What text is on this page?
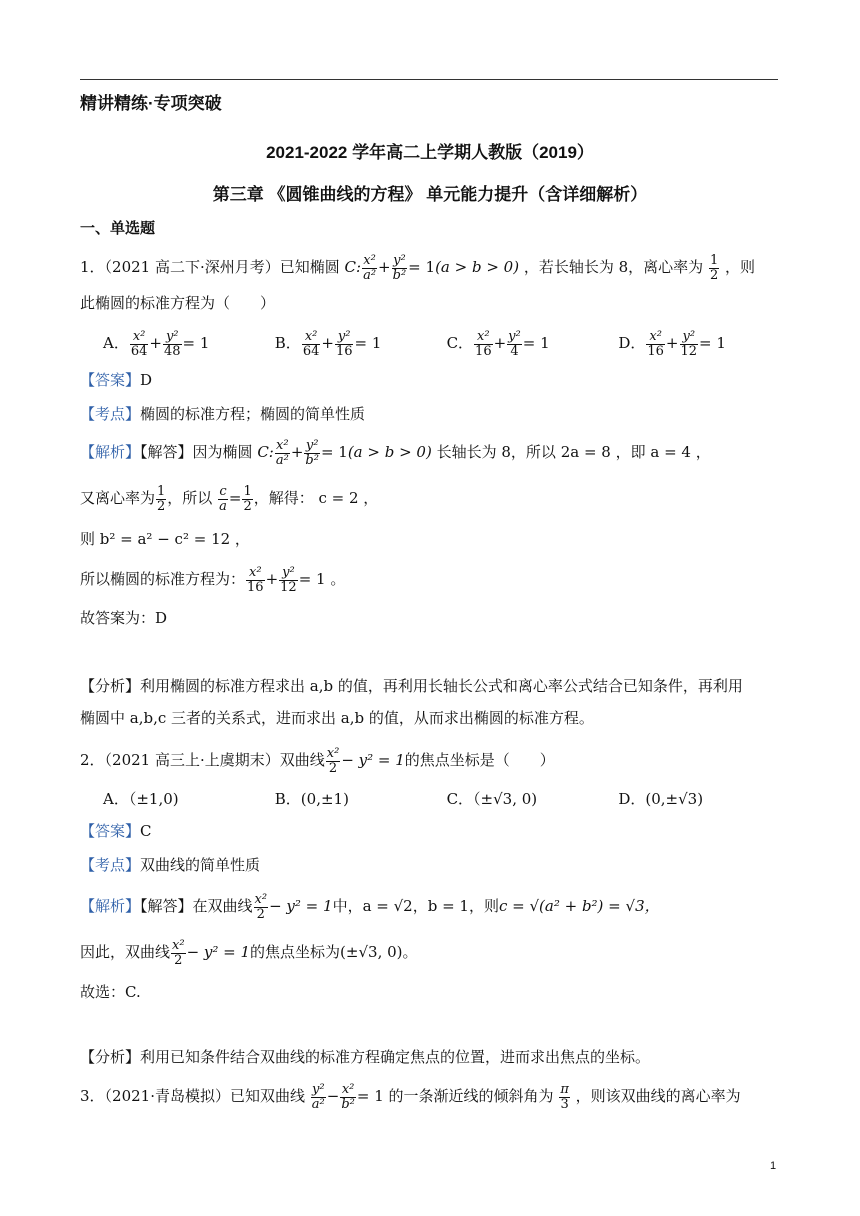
精讲精练·专项突破
2021-2022 学年高二上学期人教版（2019）
第三章 《圆锥曲线的方程》 单元能力提升（含详细解析）
一、单选题
1．（2021 高二下·深州月考）已知椭圆 C: $\frac{\text{x²}}{\text{a²}} + \frac{\text{y²}}{\text{b²}} = 1(a > b > 0)$ ，若长轴长为 8，离心率为 $\frac{1}{2}$ ，则
此椭圆的标准方程为（　　）
A． $\frac{\text{x²}}{64} + \frac{\text{y²}}{48} = 1$	B． $\frac{\text{x²}}{64} + \frac{\text{y²}}{16} = 1$	C． $\frac{\text{x²}}{16} + \frac{\text{y²}}{4} = 1$	D． $\frac{\text{x²}}{16} + \frac{\text{y²}}{12} = 1$
【答案】D
【考点】椭圆的标准方程；椭圆的简单性质
【解析】【解答】因为椭圆 C: $\frac{\text{x²}}{\text{a²}} + \frac{\text{y²}}{\text{b²}} = 1(a > b > 0)$ 长轴长为 8，所以 2a = 8 ，即 a = 4 ，
又离心率为 $\frac{1}{2}$ ，所以 $\frac{c}{a} = \frac{1}{2}$ ，解得： c = 2 ，
则 b² = a² − c² = 12 ，
所以椭圆的标准方程为： $\frac{\text{x²}}{16} + \frac{\text{y²}}{12} = 1$ 。
故答案为：D
【分析】利用椭圆的标准方程求出 a,b 的值，再利用长轴长公式和离心率公式结合已知条件，再利用
椭圆中 a,b,c 三者的关系式，进而求出 a,b 的值，从而求出椭圆的标准方程。
2．（2021 高三上·上虞期末）双曲线 $\frac{\text{x²}}{2} - y^2 = 1$的焦点坐标是（　　）
A．（±1,0)	B．(0,±1)	C．（±√3, 0)	D．(0,±√3)
【答案】C
【考点】双曲线的简单性质
【解析】【解答】在双曲线 $\frac{\text{x²}}{2} - y^2 = 1$中，a = √2，b = 1，则c = √(a² + b²) = √3，
因此，双曲线 $\frac{\text{x²}}{2} - y^2 = 1$的焦点坐标为(±√3, 0)。
故选：C.
【分析】利用已知条件结合双曲线的标准方程确定焦点的位置，进而求出焦点的坐标。
3．（2021·青岛模拟）已知双曲线 $\frac{\text{y²}}{\text{a²}} - \frac{\text{x²}}{\text{b²}} = 1$ 的一条渐近线的倾斜角为 $\frac{\pi}{3}$ ，则该双曲线的离心率为
1
